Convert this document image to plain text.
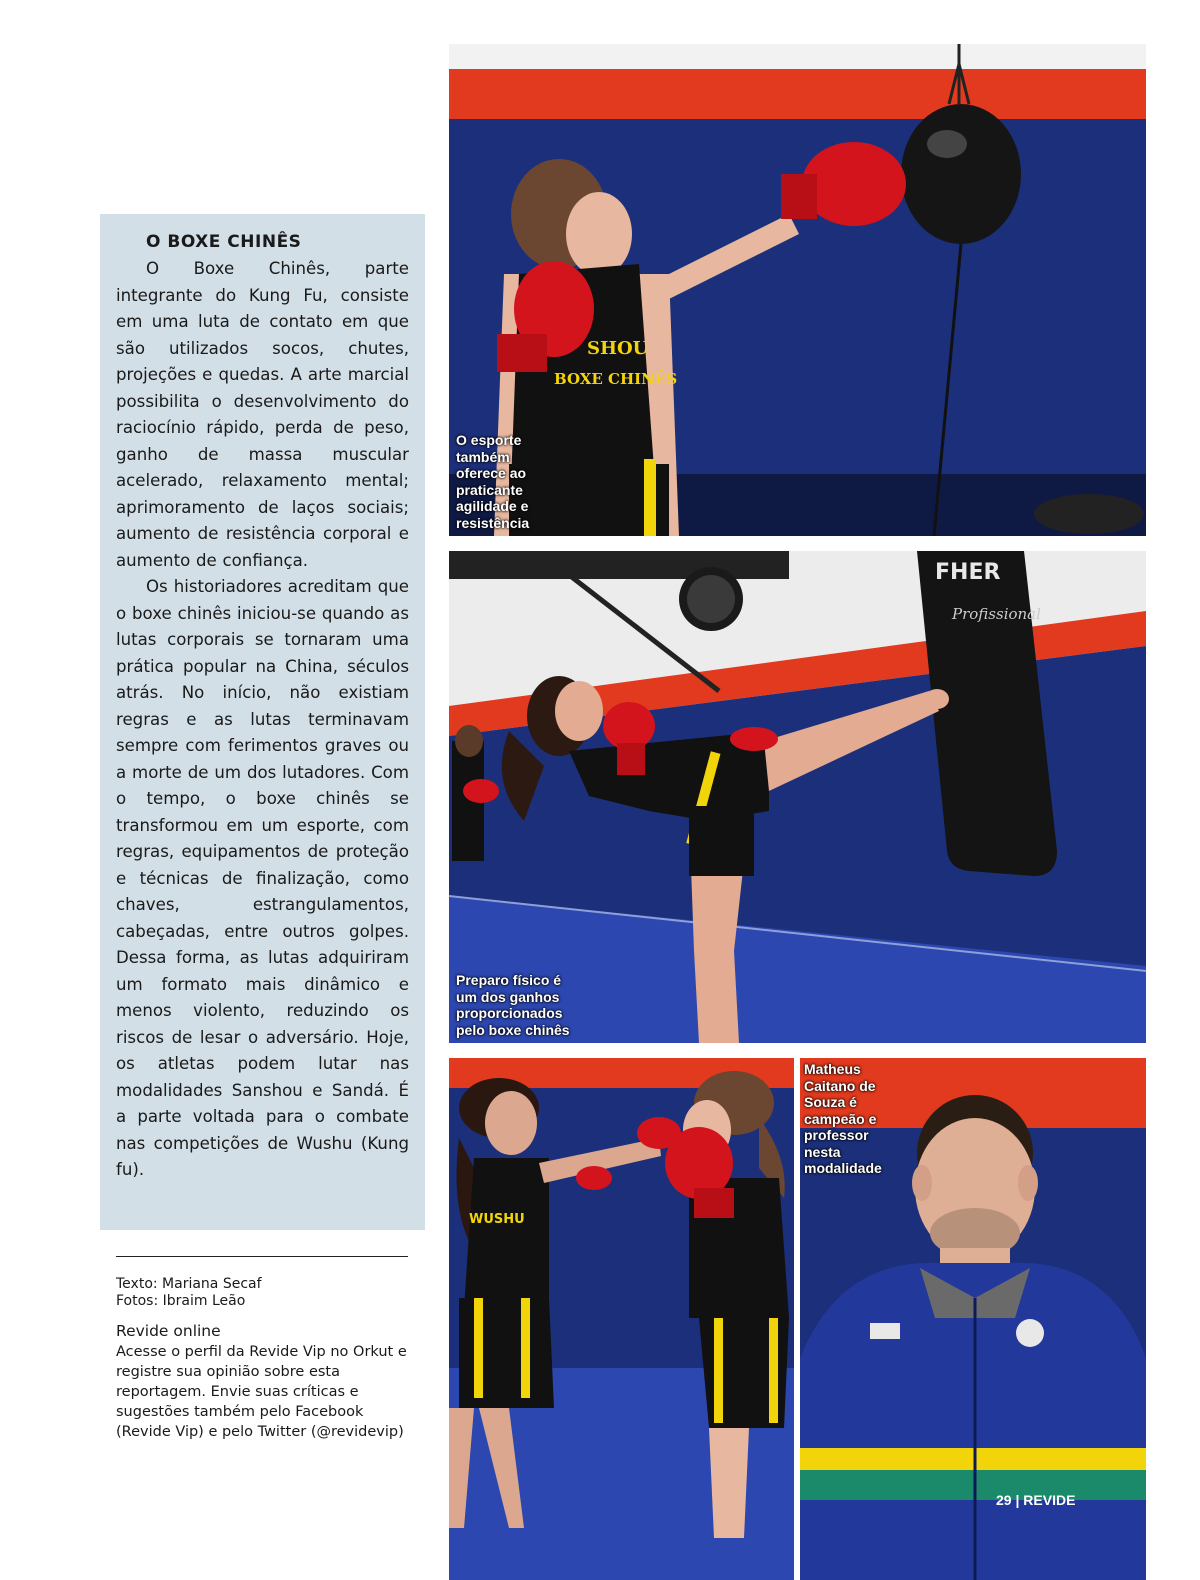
O BOXE CHINÊS

O Boxe Chinês, parte integrante do Kung Fu, consiste em uma luta de contato em que são utilizados socos, chutes, projeções e quedas. A arte marcial possibilita o desenvolvimento do raciocínio rápido, perda de peso, ganho de massa muscular acelerado, relaxamento mental; aprimoramento de laços sociais; aumento de resistência corporal e aumento de confiança.

Os historiadores acreditam que o boxe chinês iniciou-se quando as lutas corporais se tornaram uma prática popular na China, séculos atrás. No início, não existiam regras e as lutas terminavam sempre com ferimentos graves ou a morte de um dos lutadores. Com o tempo, o boxe chinês se transformou em um esporte, com regras, equipamentos de proteção e técnicas de finalização, como chaves, estrangulamentos, cabeçadas, entre outros golpes. Dessa forma, as lutas adquiriram um formato mais dinâmico e menos violento, reduzindo os riscos de lesar o adversário. Hoje, os atletas podem lutar nas modalidades Sanshou e Sandá. É a parte voltada para o combate nas competições de Wushu (Kung fu).

Texto: Mariana Secaf
Fotos: Ibraim Leão
Revide online
Acesse o perfil da Revide Vip no Orkut e registre sua opinião sobre esta reportagem. Envie suas críticas e sugestões também pelo Facebook (Revide Vip) e pelo Twitter (@revidevip)
BOXE CHINÊS
SHOU
O esporte
também
oferece ao
praticante
agilidade e
resistência
FHER
Profissional
Preparo físico é
um dos ganhos
proporcionados
pelo boxe chinês
WUSHU
Matheus
Caitano de
Souza é
campeão e
professor
nesta
modalidade
29 | REVIDE
